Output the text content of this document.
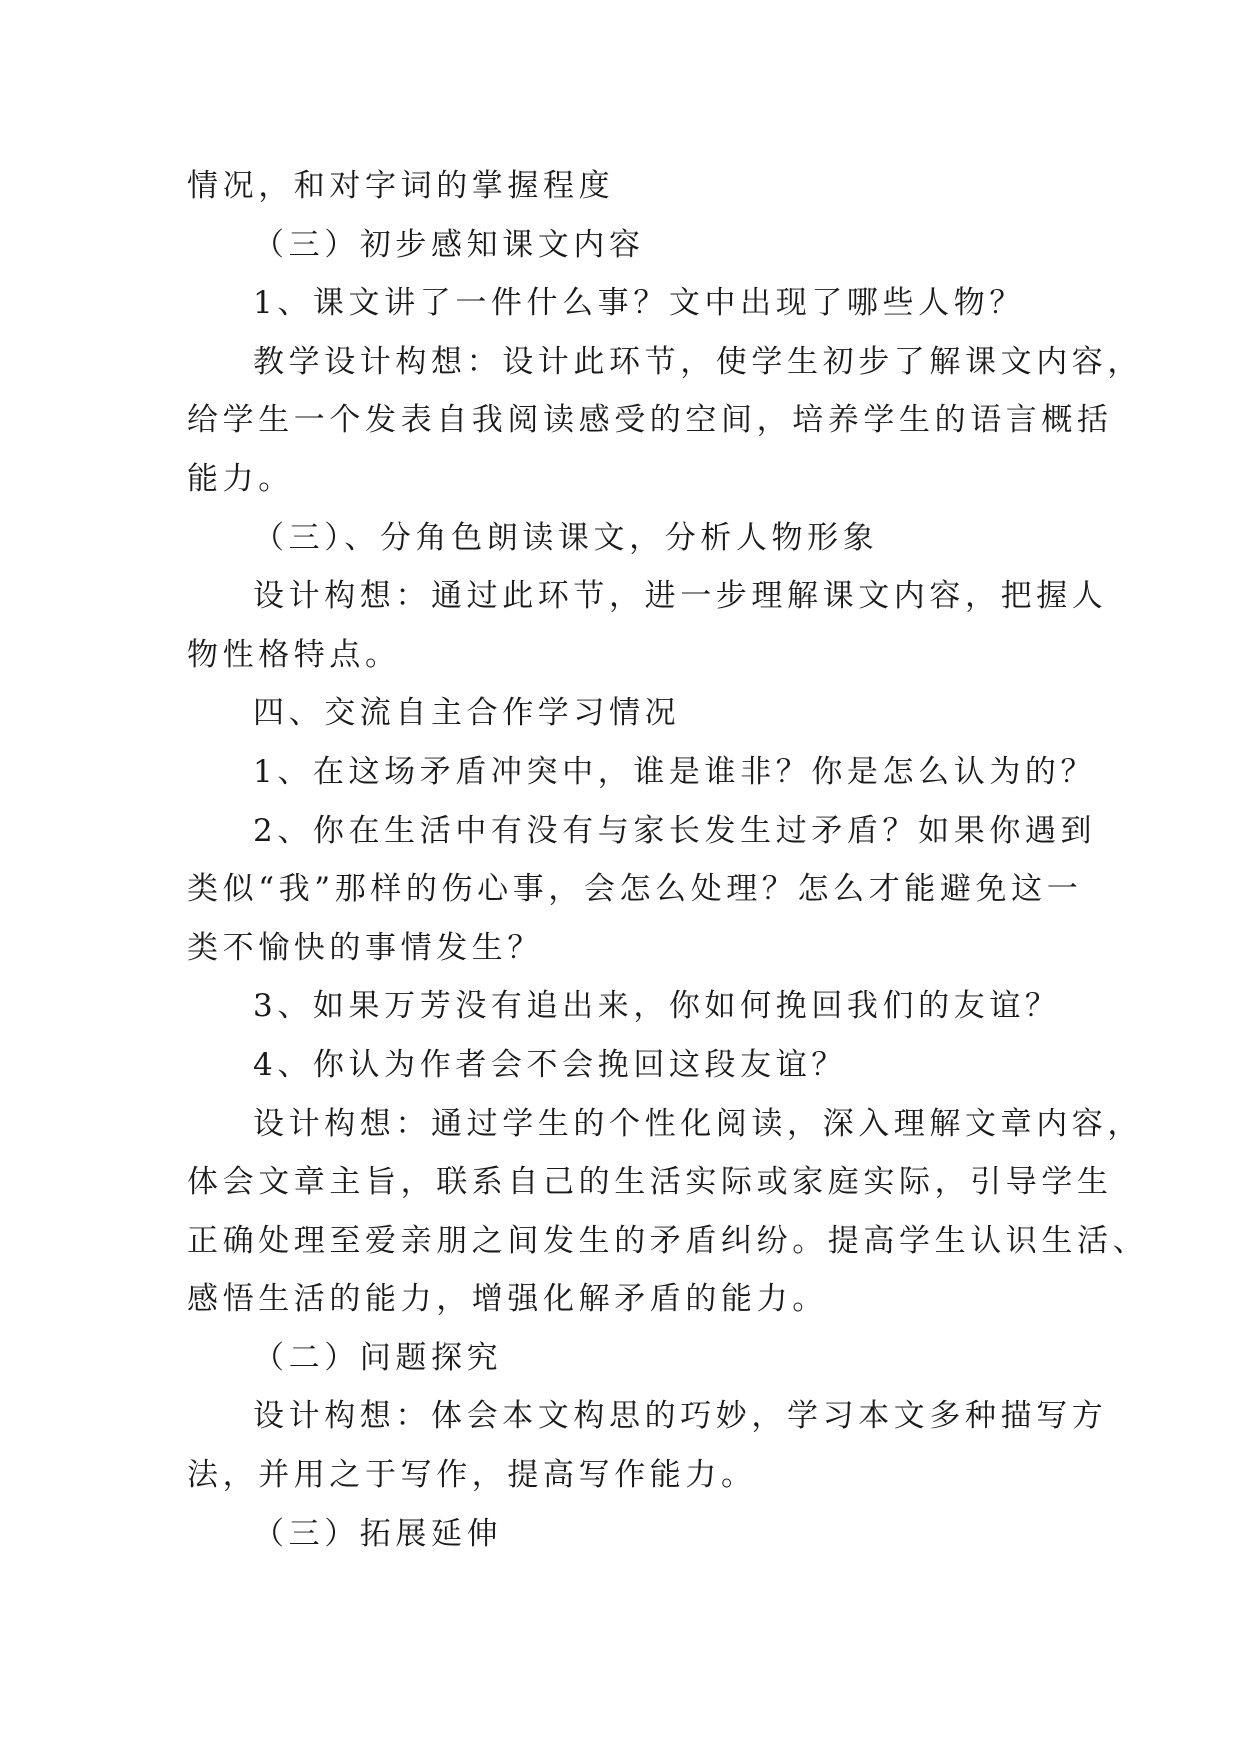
情况，和对字词的掌握程度
（三）初步感知课文内容
1、课文讲了一件什么事？文中出现了哪些人物？
教学设计构想：设计此环节，使学生初步了解课文内容，
给学生一个发表自我阅读感受的空间，培养学生的语言概括
能力。
（三）、分角色朗读课文，分析人物形象
设计构想：通过此环节，进一步理解课文内容，把握人
物性格特点。
四、交流自主合作学习情况
1、在这场矛盾冲突中，谁是谁非？你是怎么认为的？
2、你在生活中有没有与家长发生过矛盾？如果你遇到
类似“我”那样的伤心事，会怎么处理？怎么才能避免这一
类不愉快的事情发生？
3、如果万芳没有追出来，你如何挽回我们的友谊？
4、你认为作者会不会挽回这段友谊？
设计构想：通过学生的个性化阅读，深入理解文章内容，
体会文章主旨，联系自己的生活实际或家庭实际，引导学生
正确处理至爱亲朋之间发生的矛盾纠纷。提高学生认识生活、
感悟生活的能力，增强化解矛盾的能力。
（二）问题探究
设计构想：体会本文构思的巧妙，学习本文多种描写方
法，并用之于写作，提高写作能力。
（三）拓展延伸
